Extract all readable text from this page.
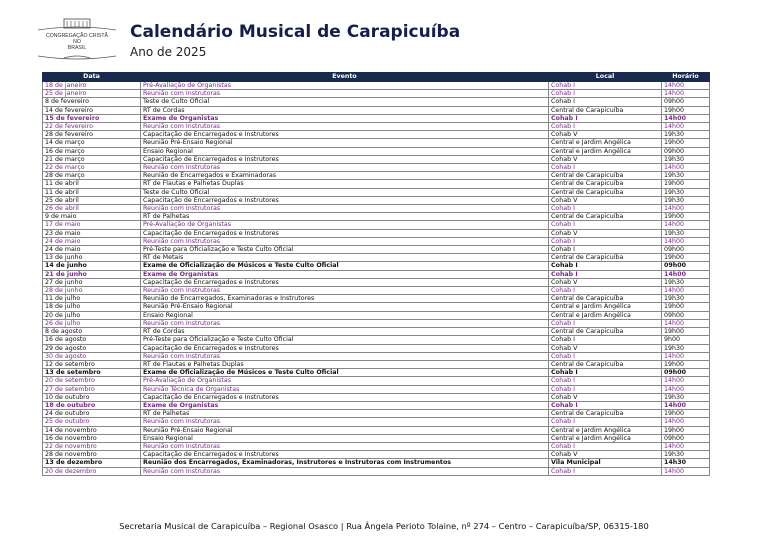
CONGREGAÇÃO CRISTÃ
NO
BRASIL
Calendário Musical de Carapicuíba
Ano de 2025
Data	Evento	Local	Horário
18 de janeiro	Pré-Avaliação de Organistas	Cohab I	14h00
25 de janeiro	Reunião com Instrutoras	Cohab I	14h00
8 de fevereiro	Teste de Culto Oficial	Cohab I	09h00
14 de fevereiro	RT de Cordas	Central de Carapicuíba	19h00
15 de fevereiro	Exame de Organistas	Cohab I	14h00
22 de fevereiro	Reunião com Instrutoras	Cohab I	14h00
28 de fevereiro	Capacitação de Encarregados e Instrutores	Cohab V	19h30
14 de março	Reunião Pré-Ensaio Regional	Central e Jardim Angélica	19h00
16 de março	Ensaio Regional	Central e Jardim Angélica	09h00
21 de março	Capacitação de Encarregados e Instrutores	Cohab V	19h30
22 de março	Reunião com Instrutoras	Cohab I	14h00
28 de março	Reunião de Encarregados e Examinadoras	Central de Carapicuíba	19h30
11 de abril	RT de Flautas e Palhetas Duplas	Central de Carapicuíba	19h00
11 de abril	Teste de Culto Oficial	Central de Carapicuíba	19h30
25 de abril	Capacitação de Encarregados e Instrutores	Cohab V	19h30
26 de abril	Reunião com Instrutoras	Cohab I	14h00
9 de maio	RT de Palhetas	Central de Carapicuíba	19h00
17 de maio	Pré-Avaliação de Organistas	Cohab I	14h00
23 de maio	Capacitação de Encarregados e Instrutores	Cohab V	19h30
24 de maio	Reunião com Instrutoras	Cohab I	14h00
24 de maio	Pré-Teste para Oficialização e Teste Culto Oficial	Cohab I	09h00
13 de junho	RT de Metais	Central de Carapicuíba	19h00
14 de junho	Exame de Oficialização de Músicos e Teste Culto Oficial	Cohab I	09h00
21 de junho	Exame de Organistas	Cohab I	14h00
27 de junho	Capacitação de Encarregados e Instrutores	Cohab V	19h30
28 de junho	Reunião com Instrutoras	Cohab I	14h00
11 de julho	Reunião de Encarregados, Examinadoras e Instrutores	Central de Carapicuíba	19h30
18 de julho	Reunião Pré-Ensaio Regional	Central e Jardim Angélica	19h00
20 de julho	Ensaio Regional	Central e Jardim Angélica	09h00
26 de julho	Reunião com Instrutoras	Cohab I	14h00
8 de agosto	RT de Cordas	Central de Carapicuíba	19h00
16 de agosto	Pré-Teste para Oficialização e Teste Culto Oficial	Cohab I	9h00
29 de agosto	Capacitação de Encarregados e Instrutores	Cohab V	19h30
30 de agosto	Reunião com Instrutoras	Cohab I	14h00
12 de setembro	RT de Flautas e Palhetas Duplas	Central de Carapicuíba	19h00
13 de setembro	Exame de Oficialização de Músicos e Teste Culto Oficial	Cohab I	09h00
20 de setembro	Pré-Avaliação de Organistas	Cohab I	14h00
27 de setembro	Reunião Técnica de Organistas	Cohab I	14h00
10 de outubro	Capacitação de Encarregados e Instrutores	Cohab V	19h30
18 de outubro	Exame de Organistas	Cohab I	14h00
24 de outubro	RT de Palhetas	Central de Carapicuíba	19h00
25 de outubro	Reunião com Instrutoras	Cohab I	14h00
14 de novembro	Reunião Pré-Ensaio Regional	Central e Jardim Angélica	19h00
16 de novembro	Ensaio Regional	Central e Jardim Angélica	09h00
22 de novembro	Reunião com Instrutoras	Cohab I	14h00
28 de novembro	Capacitação de Encarregados e Instrutores	Cohab V	19h30
13 de dezembro	Reunião dos Encarregados, Examinadoras, Instrutores e Instrutoras com Instrumentos	Vila Municipal	14h30
20 de dezembro	Reunião com Instrutoras	Cohab I	14h00
Secretaria Musical de Carapicuíba – Regional Osasco | Rua Ângela Perioto Tolaine, nº 274 – Centro – Carapicuíba/SP, 06315-180
